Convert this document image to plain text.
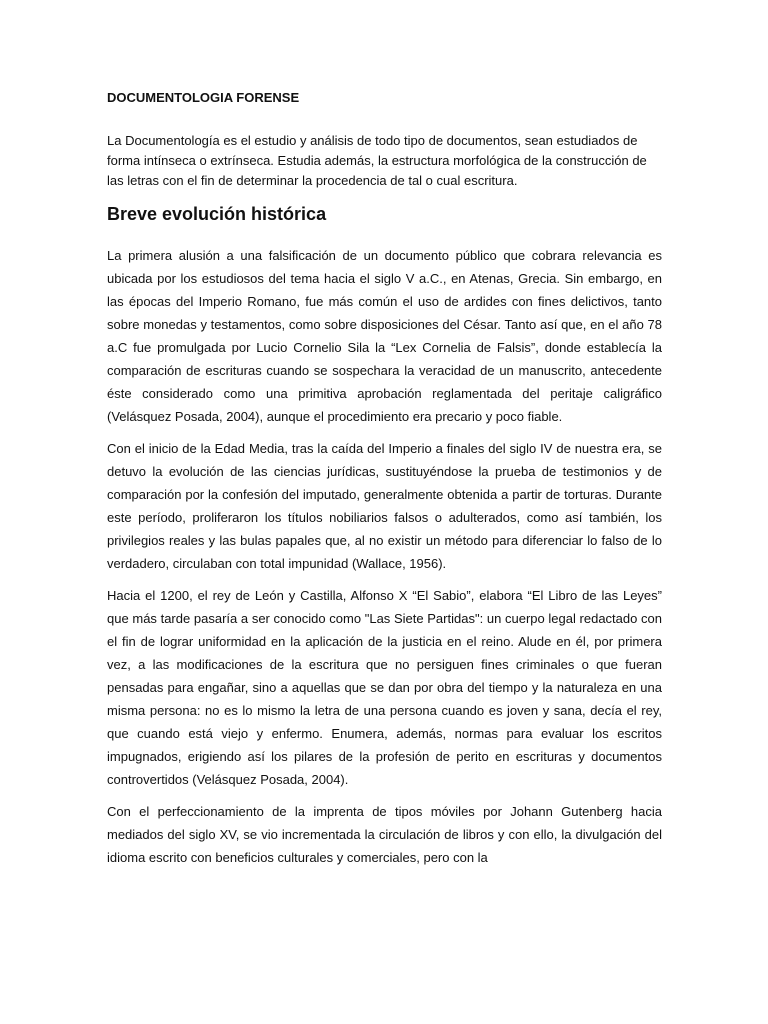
DOCUMENTOLOGIA FORENSE

La Documentología es el estudio y análisis de todo tipo de documentos, sean estudiados de forma intínseca o extrínseca. Estudia además, la estructura morfológica de la construcción de las letras con el fin de determinar la procedencia de tal o cual escritura.

Breve evolución histórica

La primera alusión a una falsificación de un documento público que cobrara relevancia es ubicada por los estudiosos del tema hacia el siglo V a.C., en Atenas, Grecia. Sin embargo, en las épocas del Imperio Romano, fue más común el uso de ardides con fines delictivos, tanto sobre monedas y testamentos, como sobre disposiciones del César. Tanto así que, en el año 78 a.C fue promulgada por Lucio Cornelio Sila la “Lex Cornelia de Falsis”, donde establecía la comparación de escrituras cuando se sospechara la veracidad de un manuscrito, antecedente éste considerado como una primitiva aprobación reglamentada del peritaje caligráfico (Velásquez Posada, 2004), aunque el procedimiento era precario y poco fiable.

Con el inicio de la Edad Media, tras la caída del Imperio a finales del siglo IV de nuestra era, se detuvo la evolución de las ciencias jurídicas, sustituyéndose la prueba de testimonios y de comparación por la confesión del imputado, generalmente obtenida a partir de torturas. Durante este período, proliferaron los títulos nobiliarios falsos o adulterados, como así también, los privilegios reales y las bulas papales que, al no existir un método para diferenciar lo falso de lo verdadero, circulaban con total impunidad (Wallace, 1956).

Hacia el 1200, el rey de León y Castilla, Alfonso X “El Sabio”, elabora “El Libro de las Leyes” que más tarde pasaría a ser conocido como "Las Siete Partidas": un cuerpo legal redactado con el fin de lograr uniformidad en la aplicación de la justicia en el reino. Alude en él, por primera vez, a las modificaciones de la escritura que no persiguen fines criminales o que fueran pensadas para engañar, sino a aquellas que se dan por obra del tiempo y la naturaleza en una misma persona: no es lo mismo la letra de una persona cuando es joven y sana, decía el rey, que cuando está viejo y enfermo. Enumera, además, normas para evaluar los escritos impugnados, erigiendo así los pilares de la profesión de perito en escrituras y documentos controvertidos (Velásquez Posada, 2004).

Con el perfeccionamiento de la imprenta de tipos móviles por Johann Gutenberg hacia mediados del siglo XV, se vio incrementada la circulación de libros y con ello, la divulgación del idioma escrito con beneficios culturales y comerciales, pero con la
